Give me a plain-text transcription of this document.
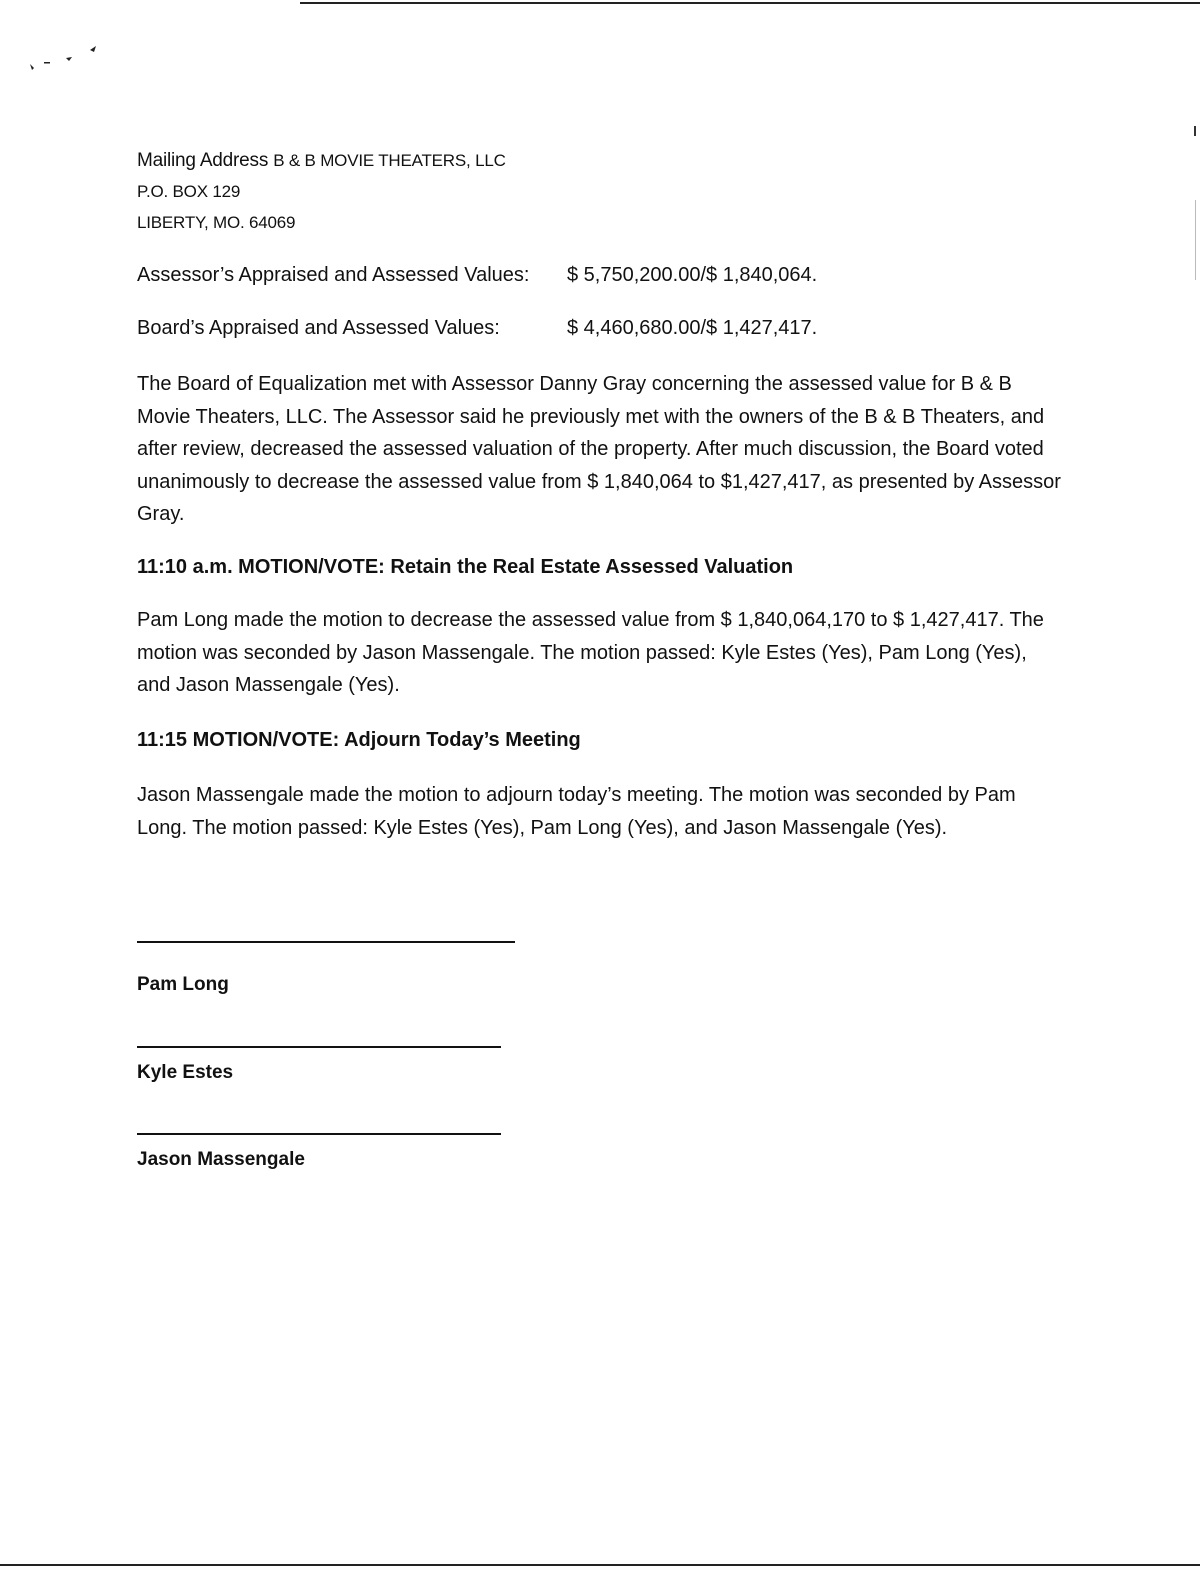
Mailing Address B & B MOVIE THEATERS, LLC
P.O. BOX 129
LIBERTY, MO. 64069
Assessor’s Appraised and Assessed Values: $ 5,750,200.00/$ 1,840,064.
Board’s Appraised and Assessed Values:	$ 4,460,680.00/$ 1,427,417.
The Board of Equalization met with Assessor Danny Gray concerning the assessed value for B & B Movie Theaters, LLC. The Assessor said he previously met with the owners of the B & B Theaters, and after review, decreased the assessed valuation of the property. After much discussion, the Board voted unanimously to decrease the assessed value from $ 1,840,064 to $1,427,417, as presented by Assessor Gray.
11:10 a.m. MOTION/VOTE: Retain the Real Estate Assessed Valuation
Pam Long made the motion to decrease the assessed value from $ 1,840,064,170 to $ 1,427,417. The motion was seconded by Jason Massengale. The motion passed: Kyle Estes (Yes), Pam Long (Yes), and Jason Massengale (Yes).
11:15 MOTION/VOTE: Adjourn Today’s Meeting
Jason Massengale made the motion to adjourn today’s meeting. The motion was seconded by Pam Long. The motion passed: Kyle Estes (Yes), Pam Long (Yes), and Jason Massengale (Yes).
Pam Long
Kyle Estes
Jason Massengale
